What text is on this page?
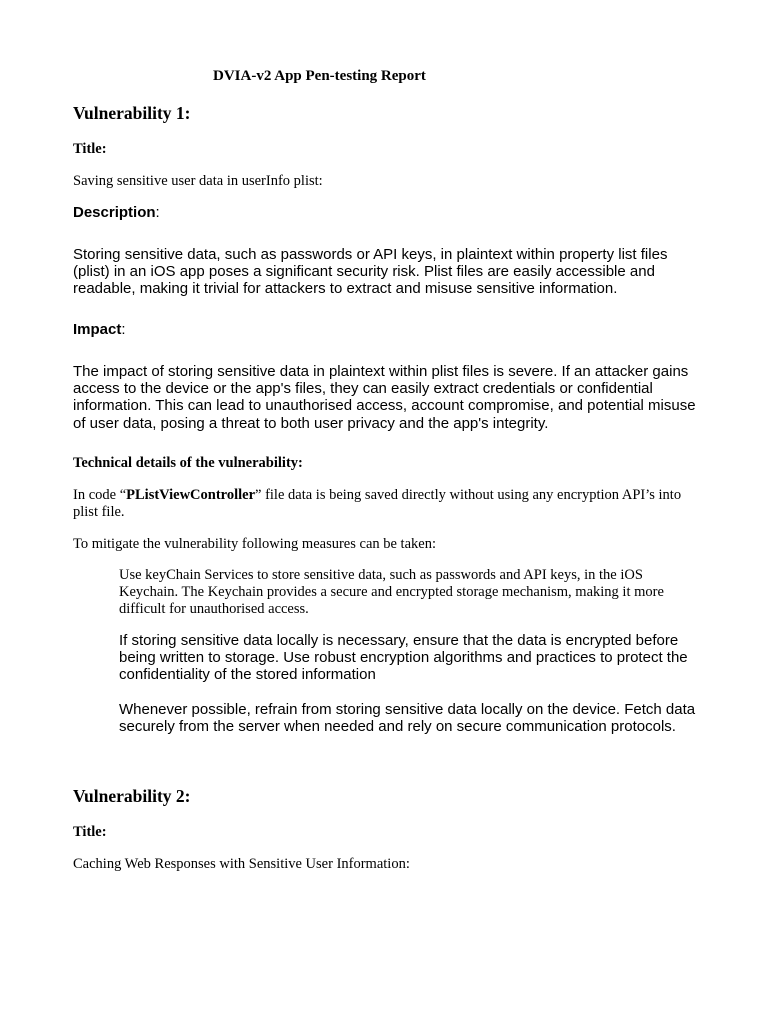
DVIA-v2 App Pen-testing Report
Vulnerability 1:
Title:
Saving sensitive user data in userInfo plist:
Description:

Storing sensitive data, such as passwords or API keys, in plaintext within property list files (plist) in an iOS app poses a significant security risk. Plist files are easily accessible and readable, making it trivial for attackers to extract and misuse sensitive information.

Impact:

The impact of storing sensitive data in plaintext within plist files is severe. If an attacker gains access to the device or the app's files, they can easily extract credentials or confidential information. This can lead to unauthorised access, account compromise, and potential misuse of user data, posing a threat to both user privacy and the app's integrity.

Technical details of the vulnerability:

In code “PListViewController” file data is being saved directly without using any encryption API’s into plist file.

To mitigate the vulnerability following measures can be taken:

Use keyChain Services to store sensitive data, such as passwords and API keys, in the iOS Keychain. The Keychain provides a secure and encrypted storage mechanism, making it more difficult for unauthorised access.

If storing sensitive data locally is necessary, ensure that the data is encrypted before being written to storage. Use robust encryption algorithms and practices to protect the confidentiality of the stored information

Whenever possible, refrain from storing sensitive data locally on the device. Fetch data securely from the server when needed and rely on secure communication protocols.

Vulnerability 2:
Title:
Caching Web Responses with Sensitive User Information:
